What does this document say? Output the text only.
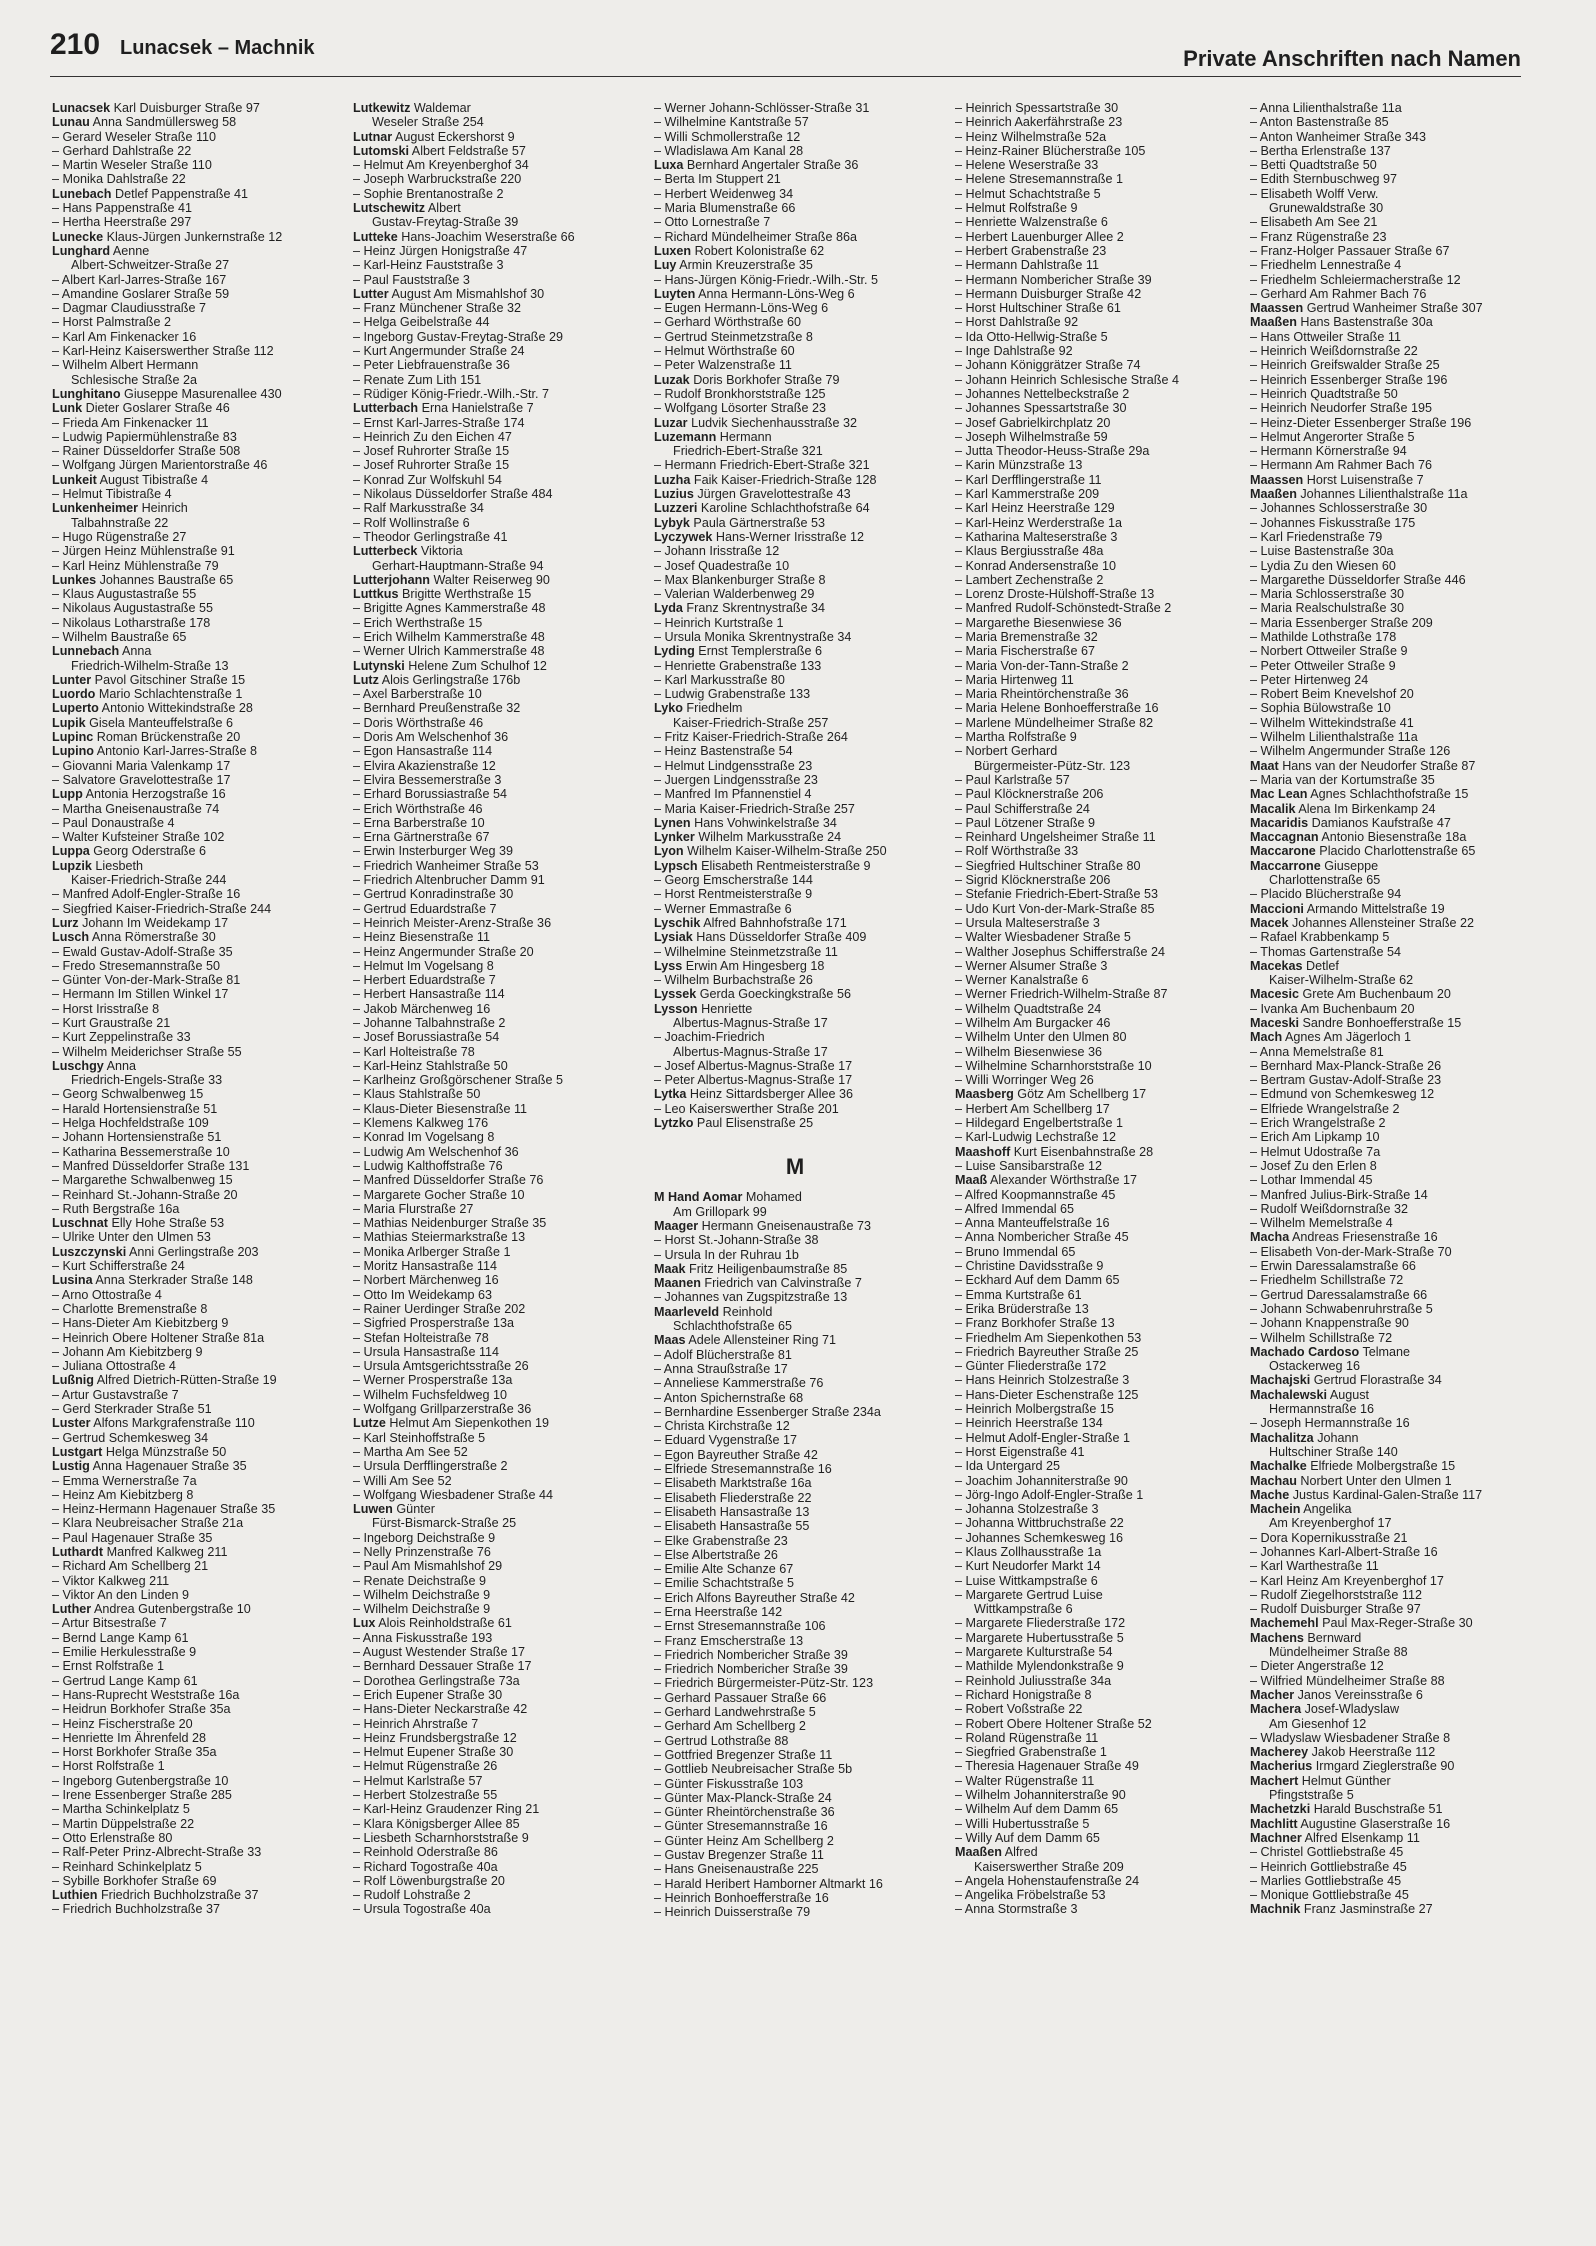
210 Lunacsek – Machnik	Private Anschriften nach Namen
Lunacsek Karl Duisburger Straße 97
Lunau Anna Sandmüllersweg 58
– Gerard Weseler Straße 110
– Gerhard Dahlstraße 22
– Martin Weseler Straße 110
– Monika Dahlstraße 22
Lunebach Detlef Pappenstraße 41
– Hans Pappenstraße 41
– Hertha Heerstraße 297
Lunecke Klaus-Jürgen Junkernstraße 12
Lunghard Aenne
Albert-Schweitzer-Straße 27
– Albert Karl-Jarres-Straße 167
– Amandine Goslarer Straße 59
– Dagmar Claudiusstraße 7
– Horst Palmstraße 2
– Karl Am Finkenacker 16
– Karl-Heinz Kaiserswerther Straße 112
– Wilhelm Albert Hermann
Schlesische Straße 2a
Lunghitano Giuseppe Masurenallee 430
Lunk Dieter Goslarer Straße 46
– Frieda Am Finkenacker 11
– Ludwig Papiermühlenstraße 83
– Rainer Düsseldorfer Straße 508
– Wolfgang Jürgen Marientorstraße 46
Lunkeit August Tibistraße 4
– Helmut Tibistraße 4
Lunkenheimer Heinrich
Talbahnstraße 22
– Hugo Rügenstraße 27
– Jürgen Heinz Mühlenstraße 91
– Karl Heinz Mühlenstraße 79
Lunkes Johannes Baustraße 65
– Klaus Augustastraße 55
– Nikolaus Augustastraße 55
– Nikolaus Lotharstraße 178
– Wilhelm Baustraße 65
Lunnebach Anna
Friedrich-Wilhelm-Straße 13
Lunter Pavol Gitschiner Straße 15
Luordo Mario Schlachtenstraße 1
Luperto Antonio Wittekindstraße 28
Lupik Gisela Manteuffelstraße 6
Lupinc Roman Brückenstraße 20
Lupino Antonio Karl-Jarres-Straße 8
– Giovanni Maria Valenkamp 17
– Salvatore Gravelottestraße 17
Lupp Antonia Herzogstraße 16
– Martha Gneisenaustraße 74
– Paul Donaustraße 4
– Walter Kufsteiner Straße 102
Luppa Georg Oderstraße 6
Lupzik Liesbeth
Kaiser-Friedrich-Straße 244
– Manfred Adolf-Engler-Straße 16
– Siegfried Kaiser-Friedrich-Straße 244
Lurz Johann Im Weidekamp 17
Lusch Anna Römerstraße 30
– Ewald Gustav-Adolf-Straße 35
– Fredo Stresemannstraße 50
– Günter Von-der-Mark-Straße 81
– Hermann Im Stillen Winkel 17
– Horst Irisstraße 8
– Kurt Graustraße 21
– Kurt Zeppelinstraße 33
– Wilhelm Meiderichser Straße 55
Luschgy Anna
Friedrich-Engels-Straße 33
– Georg Schwalbenweg 15
– Harald Hortensienstraße 51
– Helga Hochfeldstraße 109
– Johann Hortensienstraße 51
– Katharina Bessemerstraße 10
– Manfred Düsseldorfer Straße 131
– Margarethe Schwalbenweg 15
– Reinhard St.-Johann-Straße 20
– Ruth Bergstraße 16a
Luschnat Elly Hohe Straße 53
– Ulrike Unter den Ulmen 53
Luszczynski Anni Gerlingstraße 203
– Kurt Schifferstraße 24
Lusina Anna Sterkrader Straße 148
– Arno Ottostraße 4
– Charlotte Bremenstraße 8
– Hans-Dieter Am Kiebitzberg 9
– Heinrich Obere Holtener Straße 81a
– Johann Am Kiebitzberg 9
– Juliana Ottostraße 4
Lußnig Alfred Dietrich-Rütten-Straße 19
– Artur Gustavstraße 7
– Gerd Sterkrader Straße 51
Luster Alfons Markgrafenstraße 110
– Gertrud Schemkesweg 34
Lustgart Helga Münzstraße 50
Lustig Anna Hagenauer Straße 35
– Emma Wernerstraße 7a
– Heinz Am Kiebitzberg 8
– Heinz-Hermann Hagenauer Straße 35
– Klara Neubreisacher Straße 21a
– Paul Hagenauer Straße 35
Luthardt Manfred Kalkweg 211
– Richard Am Schellberg 21
– Viktor Kalkweg 211
– Viktor An den Linden 9
Luther Andrea Gutenbergstraße 10
– Artur Bitsestraße 7
– Bernd Lange Kamp 61
– Emilie Herkulesstraße 9
– Ernst Rolfstraße 1
– Gertrud Lange Kamp 61
– Hans-Ruprecht Weststraße 16a
– Heidrun Borkhofer Straße 35a
– Heinz Fischerstraße 20
– Henriette Im Ährenfeld 28
– Horst Borkhofer Straße 35a
– Horst Rolfstraße 1
– Ingeborg Gutenbergstraße 10
– Irene Essenberger Straße 285
– Martha Schinkelplatz 5
– Martin Düppelstraße 22
– Otto Erlenstraße 80
– Ralf-Peter Prinz-Albrecht-Straße 33
– Reinhard Schinkelplatz 5
– Sybille Borkhofer Straße 69
Luthien Friedrich Buchholzstraße 37
– Friedrich Buchholzstraße 37
Lutkewitz Waldemar
Weseler Straße 254
Lutnar August Eckershorst 9
Lutomski Albert Feldstraße 57
– Helmut Am Kreyenberghof 34
– Joseph Warbruckstraße 220
– Sophie Brentanostraße 2
Lutschewitz Albert
Gustav-Freytag-Straße 39
Lutteke Hans-Joachim Weserstraße 66
– Heinz Jürgen Honigstraße 47
– Karl-Heinz Fauststraße 3
– Paul Fauststraße 3
Lutter August Am Mismahlshof 30
– Franz Münchener Straße 32
– Helga Geibelstraße 44
– Ingeborg Gustav-Freytag-Straße 29
– Kurt Angermunder Straße 24
– Peter Liebfrauenstraße 36
– Renate Zum Lith 151
– Rüdiger König-Friedr.-Wilh.-Str. 7
Lutterbach Erna Hanielstraße 7
– Ernst Karl-Jarres-Straße 174
– Heinrich Zu den Eichen 47
– Josef Ruhrorter Straße 15
– Josef Ruhrorter Straße 15
– Konrad Zur Wolfskuhl 54
– Nikolaus Düsseldorfer Straße 484
– Ralf Markusstraße 34
– Rolf Wollinstraße 6
– Theodor Gerlingstraße 41
Lutterbeck Viktoria
Gerhart-Hauptmann-Straße 94
Lutterjohann Walter Reiserweg 90
Luttkus Brigitte Werthstraße 15
– Brigitte Agnes Kammerstraße 48
– Erich Werthstraße 15
– Erich Wilhelm Kammerstraße 48
– Werner Ulrich Kammerstraße 48
Lutynski Helene Zum Schulhof 12
Lutz Alois Gerlingstraße 176b
– Axel Barberstraße 10
– Bernhard Preußenstraße 32
– Doris Wörthstraße 46
– Doris Am Welschenhof 36
– Egon Hansastraße 114
– Elvira Akazienstraße 12
– Elvira Bessemerstraße 3
– Erhard Borussiastraße 54
– Erich Wörthstraße 46
– Erna Barberstraße 10
– Erna Gärtnerstraße 67
– Erwin Insterburger Weg 39
– Friedrich Wanheimer Straße 53
– Friedrich Altenbrucher Damm 91
– Gertrud Konradinstraße 30
– Gertrud Eduardstraße 7
– Heinrich Meister-Arenz-Straße 36
– Heinz Biesenstraße 11
– Heinz Angermunder Straße 20
– Helmut Im Vogelsang 8
– Herbert Eduardstraße 7
– Herbert Hansastraße 114
– Jakob Märchenweg 16
– Johanne Talbahnstraße 2
– Josef Borussiastraße 54
– Karl Holteistraße 78
– Karl-Heinz Stahlstraße 50
– Karlheinz Großgörschener Straße 5
– Klaus Stahlstraße 50
– Klaus-Dieter Biesenstraße 11
– Klemens Kalkweg 176
– Konrad Im Vogelsang 8
– Ludwig Am Welschenhof 36
– Ludwig Kalthoffstraße 76
– Manfred Düsseldorfer Straße 76
– Margarete Gocher Straße 10
– Maria Flurstraße 27
– Mathias Neidenburger Straße 35
– Mathias Steiermarkstraße 13
– Monika Arlberger Straße 1
– Moritz Hansastraße 114
– Norbert Märchenweg 16
– Otto Im Weidekamp 63
– Rainer Uerdinger Straße 202
– Sigfried Prosperstraße 13a
– Stefan Holteistraße 78
– Ursula Hansastraße 114
– Ursula Amtsgerichtsstraße 26
– Werner Prosperstraße 13a
– Wilhelm Fuchsfeldweg 10
– Wolfgang Grillparzerstraße 36
Lutze Helmut Am Siepenkothen 19
– Karl Steinhoffstraße 5
– Martha Am See 52
– Ursula Derfflingerstraße 2
– Willi Am See 52
– Wolfgang Wiesbadener Straße 44
Luwen Günter
Fürst-Bismarck-Straße 25
– Ingeborg Deichstraße 9
– Nelly Prinzenstraße 76
– Paul Am Mismahlshof 29
– Renate Deichstraße 9
– Wilhelm Deichstraße 9
– Wilhelm Deichstraße 9
Lux Alois Reinholdstraße 61
– Anna Fiskusstraße 193
– August Westender Straße 17
– Bernhard Dessauer Straße 17
– Dorothea Gerlingstraße 73a
– Erich Eupener Straße 30
– Hans-Dieter Neckarstraße 42
– Heinrich Ahrstraße 7
– Heinz Frundsbergstraße 12
– Helmut Eupener Straße 30
– Helmut Rügenstraße 26
– Helmut Karlstraße 57
– Herbert Stolzestraße 55
– Karl-Heinz Graudenzer Ring 21
– Klara Königsberger Allee 85
– Liesbeth Scharnhorststraße 9
– Reinhold Oderstraße 86
– Richard Togostraße 40a
– Rolf Löwenburgstraße 20
– Rudolf Lohstraße 2
– Ursula Togostraße 40a
– Werner Johann-Schlösser-Straße 31
– Wilhelmine Kantstraße 57
– Willi Schmollerstraße 12
– Wladislawa Am Kanal 28
Luxa Bernhard Angertaler Straße 36
– Berta Im Stuppert 21
– Herbert Weidenweg 34
– Maria Blumenstraße 66
– Otto Lornestraße 7
– Richard Mündelheimer Straße 86a
Luxen Robert Kolonistraße 62
Luy Armin Kreuzerstraße 35
– Hans-Jürgen König-Friedr.-Wilh.-Str. 5
Luyten Anna Hermann-Löns-Weg 6
– Eugen Hermann-Löns-Weg 6
– Gerhard Wörthstraße 60
– Gertrud Steinmetzstraße 8
– Helmut Wörthstraße 60
– Peter Walzenstraße 11
Luzak Doris Borkhofer Straße 79
– Rudolf Bronkhorststraße 125
– Wolfgang Lösorter Straße 23
Luzar Ludvik Siechenhausstraße 32
Luzemann Hermann
Friedrich-Ebert-Straße 321
– Hermann Friedrich-Ebert-Straße 321
Luzha Faik Kaiser-Friedrich-Straße 128
Luzius Jürgen Gravelottestraße 43
Luzzeri Karoline Schlachthofstraße 64
Lybyk Paula Gärtnerstraße 53
Lyczywek Hans-Werner Irisstraße 12
– Johann Irisstraße 12
– Josef Quadestraße 10
– Max Blankenburger Straße 8
– Valerian Walderbenweg 29
Lyda Franz Skrentnystraße 34
– Heinrich Kurtstraße 1
– Ursula Monika Skrentnystraße 34
Lyding Ernst Templerstraße 6
– Henriette Grabenstraße 133
– Karl Markusstraße 80
– Ludwig Grabenstraße 133
Lyko Friedhelm
Kaiser-Friedrich-Straße 257
– Fritz Kaiser-Friedrich-Straße 264
– Heinz Bastenstraße 54
– Helmut Lindgensstraße 23
– Juergen Lindgensstraße 23
– Manfred Im Pfannenstiel 4
– Maria Kaiser-Friedrich-Straße 257
Lynen Hans Vohwinkelstraße 34
Lynker Wilhelm Markusstraße 24
Lyon Wilhelm Kaiser-Wilhelm-Straße 250
Lypsch Elisabeth Rentmeisterstraße 9
– Georg Emscherstraße 144
– Horst Rentmeisterstraße 9
– Werner Emmastraße 6
Lyschik Alfred Bahnhofstraße 171
Lysiak Hans Düsseldorfer Straße 409
– Wilhelmine Steinmetzstraße 11
Lyss Erwin Am Hingesberg 18
– Wilhelm Burbachstraße 26
Lyssek Gerda Goeckingkstraße 56
Lysson Henriette
Albertus-Magnus-Straße 17
– Joachim-Friedrich
Albertus-Magnus-Straße 17
– Josef Albertus-Magnus-Straße 17
– Peter Albertus-Magnus-Straße 17
Lytka Heinz Sittardsberger Allee 36
– Leo Kaiserswerther Straße 201
Lytzko Paul Elisenstraße 25
M
M Hand Aomar Mohamed
Am Grillopark 99
Maager Hermann Gneisenaustraße 73
– Horst St.-Johann-Straße 38
– Ursula In der Ruhrau 1b
Maak Fritz Heiligenbaumstraße 85
Maanen Friedrich van Calvinstraße 7
– Johannes van Zugspitzstraße 13
Maarleveld Reinhold
Schlachthofstraße 65
Maas Adele Allensteiner Ring 71
– Adolf Blücherstraße 81
– Anna Straußstraße 17
– Anneliese Kammerstraße 76
– Anton Spichernstraße 68
– Bernhardine Essenberger Straße 234a
– Christa Kirchstraße 12
– Eduard Vygenstraße 17
– Egon Bayreuther Straße 42
– Elfriede Stresemannstraße 16
– Elisabeth Marktstraße 16a
– Elisabeth Fliederstraße 22
– Elisabeth Hansastraße 13
– Elisabeth Hansastraße 55
– Elke Grabenstraße 23
– Else Albertstraße 26
– Emilie Alte Schanze 67
– Emilie Schachtstraße 5
– Erich Alfons Bayreuther Straße 42
– Erna Heerstraße 142
– Ernst Stresemannstraße 106
– Franz Emscherstraße 13
– Friedrich Nombericher Straße 39
– Friedrich Nombericher Straße 39
– Friedrich Bürgermeister-Pütz-Str. 123
– Gerhard Passauer Straße 66
– Gerhard Landwehrstraße 5
– Gerhard Am Schellberg 2
– Gertrud Lothstraße 88
– Gottfried Bregenzer Straße 11
– Gottlieb Neubreisacher Straße 5b
– Günter Fiskusstraße 103
– Günter Max-Planck-Straße 24
– Günter Rheintörchenstraße 36
– Günter Stresemannstraße 16
– Günter Heinz Am Schellberg 2
– Gustav Bregenzer Straße 11
– Hans Gneisenaustraße 225
– Harald Heribert Hamborner Altmarkt 16
– Heinrich Bonhoefferstraße 16
– Heinrich Duisserstraße 79
– Heinrich Spessartstraße 30
– Heinrich Aakerfährstraße 23
– Heinz Wilhelmstraße 52a
– Heinz-Rainer Blücherstraße 105
– Helene Weserstraße 33
– Helene Stresemannstraße 1
– Helmut Schachtstraße 5
– Helmut Rolfstraße 9
– Henriette Walzenstraße 6
– Herbert Lauenburger Allee 2
– Herbert Grabenstraße 23
– Hermann Dahlstraße 11
– Hermann Nombericher Straße 39
– Hermann Duisburger Straße 42
– Horst Hultschiner Straße 61
– Horst Dahlstraße 92
– Ida Otto-Hellwig-Straße 5
– Inge Dahlstraße 92
– Johann Königgrätzer Straße 74
– Johann Heinrich Schlesische Straße 4
– Johannes Nettelbeckstraße 2
– Johannes Spessartstraße 30
– Josef Gabrielkirchplatz 20
– Joseph Wilhelmstraße 59
– Jutta Theodor-Heuss-Straße 29a
– Karin Münzstraße 13
– Karl Derfflingerstraße 11
– Karl Kammerstraße 209
– Karl Heinz Heerstraße 129
– Karl-Heinz Werderstraße 1a
– Katharina Malteserstraße 3
– Klaus Bergiusstraße 48a
– Konrad Andersenstraße 10
– Lambert Zechenstraße 2
– Lorenz Droste-Hülshoff-Straße 13
– Manfred Rudolf-Schönstedt-Straße 2
– Margarethe Biesenwiese 36
– Maria Bremenstraße 32
– Maria Fischerstraße 67
– Maria Von-der-Tann-Straße 2
– Maria Hirtenweg 11
– Maria Rheintörchenstraße 36
– Maria Helene Bonhoefferstraße 16
– Marlene Mündelheimer Straße 82
– Martha Rolfstraße 9
– Norbert Gerhard
Bürgermeister-Pütz-Str. 123
– Paul Karlstraße 57
– Paul Klöcknerstraße 206
– Paul Schifferstraße 24
– Paul Lötzener Straße 9
– Reinhard Ungelsheimer Straße 11
– Rolf Wörthstraße 33
– Siegfried Hultschiner Straße 80
– Sigrid Klöcknerstraße 206
– Stefanie Friedrich-Ebert-Straße 53
– Udo Kurt Von-der-Mark-Straße 85
– Ursula Malteserstraße 3
– Walter Wiesbadener Straße 5
– Walther Josephus Schifferstraße 24
– Werner Alsumer Straße 3
– Werner Kanalstraße 6
– Werner Friedrich-Wilhelm-Straße 87
– Wilhelm Quadtstraße 24
– Wilhelm Am Burgacker 46
– Wilhelm Unter den Ulmen 80
– Wilhelm Biesenwiese 36
– Wilhelmine Scharnhorststraße 10
– Willi Worringer Weg 26
Maasberg Götz Am Schellberg 17
– Herbert Am Schellberg 17
– Hildegard Engelbertstraße 1
– Karl-Ludwig Lechstraße 12
Maashoff Kurt Eisenbahnstraße 28
– Luise Sansibarstraße 12
Maaß Alexander Wörthstraße 17
– Alfred Koopmannstraße 45
– Alfred Immendal 65
– Anna Manteuffelstraße 16
– Anna Nombericher Straße 45
– Bruno Immendal 65
– Christine Davidsstraße 9
– Eckhard Auf dem Damm 65
– Emma Kurtstraße 61
– Erika Brüderstraße 13
– Franz Borkhofer Straße 13
– Friedhelm Am Siepenkothen 53
– Friedrich Bayreuther Straße 25
– Günter Fliederstraße 172
– Hans Heinrich Stolzestraße 3
– Hans-Dieter Eschenstraße 125
– Heinrich Molbergstraße 15
– Heinrich Heerstraße 134
– Helmut Adolf-Engler-Straße 1
– Horst Eigenstraße 41
– Ida Untergard 25
– Joachim Johanniterstraße 90
– Jörg-Ingo Adolf-Engler-Straße 1
– Johanna Stolzestraße 3
– Johanna Wittbruchstraße 22
– Johannes Schemkesweg 16
– Klaus Zollhausstraße 1a
– Kurt Neudorfer Markt 14
– Luise Wittkampstraße 6
– Margarete Gertrud Luise
Wittkampstraße 6
– Margarete Fliederstraße 172
– Margarete Hubertusstraße 5
– Margarete Kulturstraße 54
– Mathilde Mylendonkstraße 9
– Reinhold Juliusstraße 34a
– Richard Honigstraße 8
– Robert Voßstraße 22
– Robert Obere Holtener Straße 52
– Roland Rügenstraße 11
– Siegfried Grabenstraße 1
– Theresia Hagenauer Straße 49
– Walter Rügenstraße 11
– Wilhelm Johanniterstraße 90
– Wilhelm Auf dem Damm 65
– Willi Hubertusstraße 5
– Willy Auf dem Damm 65
Maaßen Alfred
Kaiserswerther Straße 209
– Angela Hohenstaufenstraße 24
– Angelika Fröbelstraße 53
– Anna Stormstraße 3
– Anna Lilienthalstraße 11a
– Anton Bastenstraße 85
– Anton Wanheimer Straße 343
– Bertha Erlenstraße 137
– Betti Quadtstraße 50
– Edith Sternbuschweg 97
– Elisabeth Wolff Verw.
Grunewaldstraße 30
– Elisabeth Am See 21
– Franz Rügenstraße 23
– Franz-Holger Passauer Straße 67
– Friedhelm Lennestraße 4
– Friedhelm Schleiermacherstraße 12
– Gerhard Am Rahmer Bach 76
Maassen Gertrud Wanheimer Straße 307
Maaßen Hans Bastenstraße 30a
– Hans Ottweiler Straße 11
– Heinrich Weißdornstraße 22
– Heinrich Greifswalder Straße 25
– Heinrich Essenberger Straße 196
– Heinrich Quadtstraße 50
– Heinrich Neudorfer Straße 195
– Heinz-Dieter Essenberger Straße 196
– Helmut Angerorter Straße 5
– Hermann Körnerstraße 94
– Hermann Am Rahmer Bach 76
Maassen Horst Luisenstraße 7
Maaßen Johannes Lilienthalstraße 11a
– Johannes Schlosserstraße 30
– Johannes Fiskusstraße 175
– Karl Friedenstraße 79
– Luise Bastenstraße 30a
– Lydia Zu den Wiesen 60
– Margarethe Düsseldorfer Straße 446
– Maria Schlosserstraße 30
– Maria Realschulstraße 30
– Maria Essenberger Straße 209
– Mathilde Lothstraße 178
– Norbert Ottweiler Straße 9
– Peter Ottweiler Straße 9
– Peter Hirtenweg 24
– Robert Beim Knevelshof 20
– Sophia Bülowstraße 10
– Wilhelm Wittekindstraße 41
– Wilhelm Lilienthalstraße 11a
– Wilhelm Angermunder Straße 126
Maat Hans van der Neudorfer Straße 87
– Maria van der Kortumstraße 35
Mac Lean Agnes Schlachthofstraße 15
Macalik Alena Im Birkenkamp 24
Macaridis Damianos Kaufstraße 47
Maccagnan Antonio Biesenstraße 18a
Maccarone Placido Charlottenstraße 65
Maccarrone Giuseppe
Charlottenstraße 65
– Placido Blücherstraße 94
Maccioni Armando Mittelstraße 19
Macek Johannes Allensteiner Straße 22
– Rafael Krabbenkamp 5
– Thomas Gartenstraße 54
Macekas Detlef
Kaiser-Wilhelm-Straße 62
Macesic Grete Am Buchenbaum 20
– Ivanka Am Buchenbaum 20
Maceski Sandre Bonhoefferstraße 15
Mach Agnes Am Jägerloch 1
– Anna Memelstraße 81
– Bernhard Max-Planck-Straße 26
– Bertram Gustav-Adolf-Straße 23
– Edmund von Schemkesweg 12
– Elfriede Wrangelstraße 2
– Erich Wrangelstraße 2
– Erich Am Lipkamp 10
– Helmut Udostraße 7a
– Josef Zu den Erlen 8
– Lothar Immendal 45
– Manfred Julius-Birk-Straße 14
– Rudolf Weißdornstraße 32
– Wilhelm Memelstraße 4
Macha Andreas Friesenstraße 16
– Elisabeth Von-der-Mark-Straße 70
– Erwin Daressalamstraße 66
– Friedhelm Schillstraße 72
– Gertrud Daressalamstraße 66
– Johann Schwabenruhrstraße 5
– Johann Knappenstraße 90
– Wilhelm Schillstraße 72
Machado Cardoso Telmane
Ostackerweg 16
Machajski Gertrud Florastraße 34
Machalewski August
Hermannstraße 16
– Joseph Hermannstraße 16
Machalitza Johann
Hultschiner Straße 140
Machalke Elfriede Molbergstraße 15
Machau Norbert Unter den Ulmen 1
Mache Justus Kardinal-Galen-Straße 117
Machein Angelika
Am Kreyenberghof 17
– Dora Kopernikusstraße 21
– Johannes Karl-Albert-Straße 16
– Karl Warthestraße 11
– Karl Heinz Am Kreyenberghof 17
– Rudolf Ziegelhorststraße 112
– Rudolf Duisburger Straße 97
Machemehl Paul Max-Reger-Straße 30
Machens Bernward
Mündelheimer Straße 88
– Dieter Angerstraße 12
– Wilfried Mündelheimer Straße 88
Macher Janos Vereinsstraße 6
Machera Josef-Wladyslaw
Am Giesenhof 12
– Wladyslaw Wiesbadener Straße 8
Macherey Jakob Heerstraße 112
Macherius Irmgard Zieglerstraße 90
Machert Helmut Günther
Pfingststraße 5
Machetzki Harald Buschstraße 51
Machlitt Augustine Glaserstraße 16
Machner Alfred Elsenkamp 11
– Christel Gottliebstraße 45
– Heinrich Gottliebstraße 45
– Marlies Gottliebstraße 45
– Monique Gottliebstraße 45
Machnik Franz Jasminstraße 27
